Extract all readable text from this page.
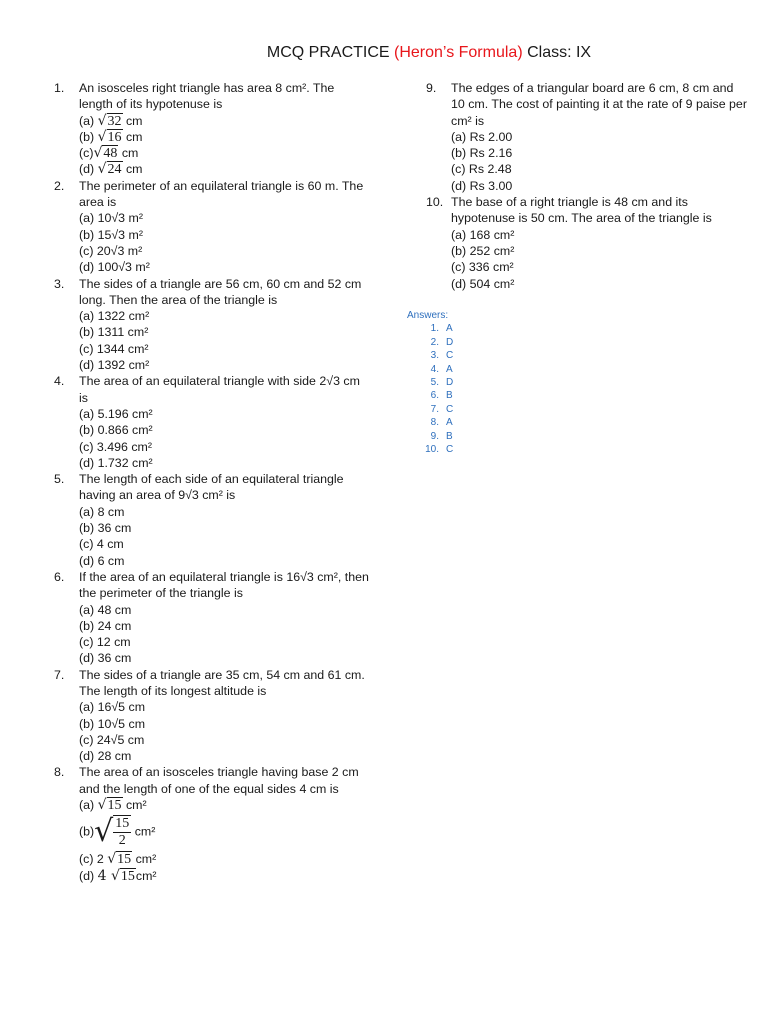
MCQ PRACTICE (Heron’s Formula) Class: IX
1.	An isosceles right triangle has area 8 cm². The length of its hypotenuse is
(a) √ 32 cm
(b) √ 16 cm
(c) √ 48 cm
(d) √ 24 cm
2.	The perimeter of an equilateral triangle is 60 m. The area is
(a) 10√3 m²
(b) 15√3 m²
(c) 20√3 m²
(d) 100√3 m²
3.	The sides of a triangle are 56 cm, 60 cm and 52 cm long. Then the area of the triangle is
(a) 1322 cm²
(b) 1311 cm²
(c) 1344 cm²
(d) 1392 cm²
4.	The area of an equilateral triangle with side 2√3 cm is
(a) 5.196 cm²
(b) 0.866 cm²
(c) 3.496 cm²
(d) 1.732 cm²
5.	The length of each side of an equilateral triangle having an area of 9√3 cm² is
(a) 8 cm
(b) 36 cm
(c) 4 cm
(d) 6 cm
6.	If the area of an equilateral triangle is 16√3 cm², then the perimeter of the triangle is
(a) 48 cm
(b) 24 cm
(c) 12 cm
(d) 36 cm
7.	The sides of a triangle are 35 cm, 54 cm and 61 cm. The length of its longest altitude is
(a) 16√5 cm
(b) 10√5 cm
(c) 24√5 cm
(d) 28 cm
8.	The area of an isosceles triangle having base 2 cm and the length of one of the equal sides 4 cm is
(a) √ 15 cm²
$(b)√ \frac{15}{2} cm^2$
(c) 2 √ 15 cm²
(d) 4 √ 15 cm²
9.	The edges of a triangular board are 6 cm, 8 cm and 10 cm. The cost of painting it at the rate of 9 paise per cm² is
(a) Rs 2.00
(b) Rs 2.16
(c) Rs 2.48
(d) Rs 3.00
10. The base of a right triangle is 48 cm and its hypotenuse is 50 cm. The area of the triangle is
(a) 168 cm²
(b) 252 cm²
(c) 336 cm²
(d) 504 cm²
Answers:
1. A
2. D
3. C
4. A
5. D
6. B
7. C
8. A
9. B
10. C
